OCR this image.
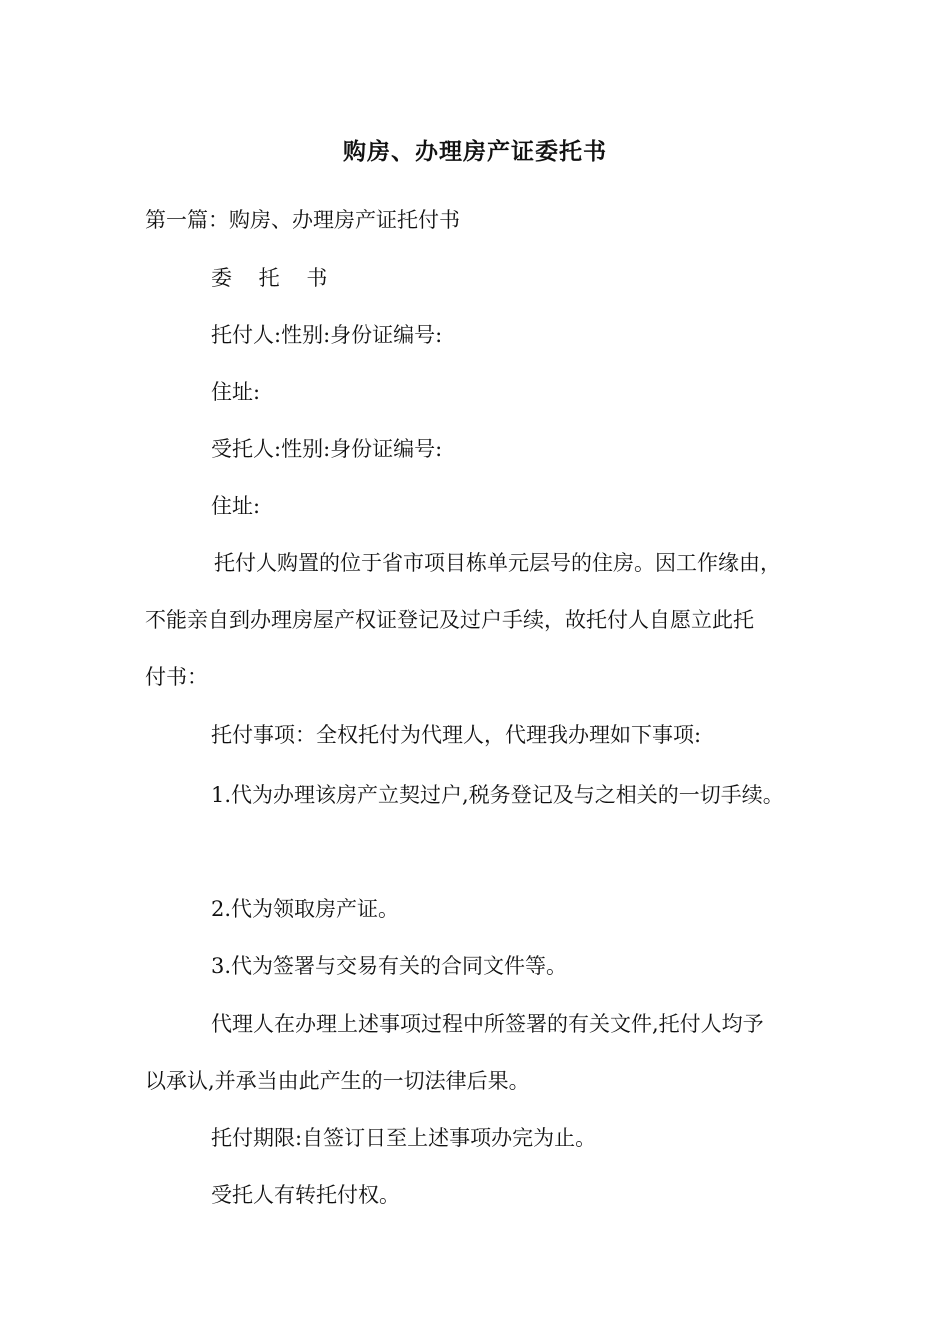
购房、办理房产证委托书
第一篇：购房、办理房产证托付书
委 托 书
托付人:性别:身份证编号:
住址:
受托人:性别:身份证编号:
住址:
托付人购置的位于省市项目栋单元层号的住房。因工作缘由，
不能亲自到办理房屋产权证登记及过户手续，故托付人自愿立此托
付书：
托付事项：全权托付为代理人，代理我办理如下事项:
1.代为办理该房产立契过户,税务登记及与之相关的一切手续。
2.代为领取房产证。
3.代为签署与交易有关的合同文件等。
代理人在办理上述事项过程中所签署的有关文件,托付人均予
以承认,并承当由此产生的一切法律后果。
托付期限:自签订日至上述事项办完为止。
受托人有转托付权。
